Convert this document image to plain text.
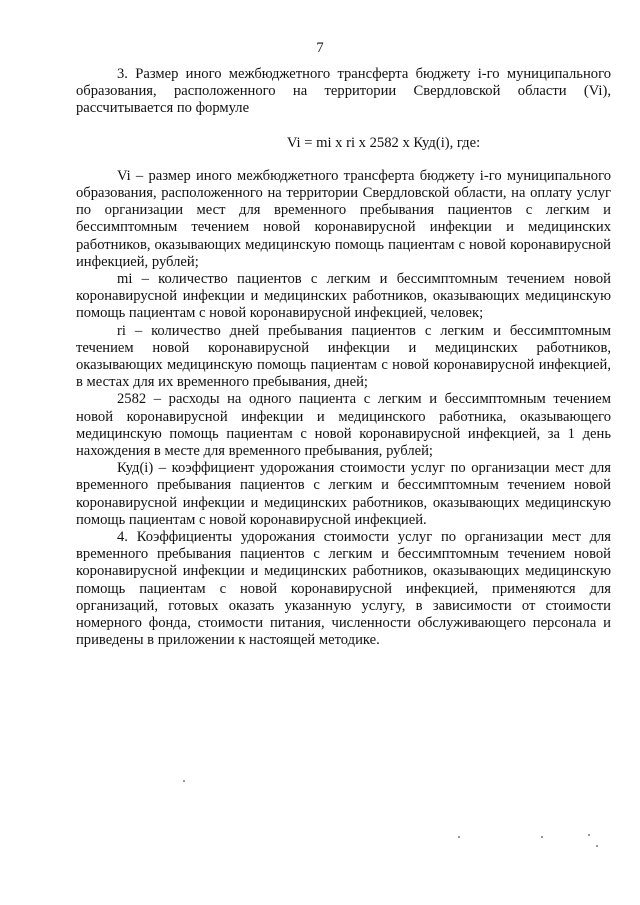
7

3. Размер иного межбюджетного трансферта бюджету i-го муниципального образования, расположенного на территории Свердловской области (Vi), рассчитывается по формуле

Vi = mi x ri x 2582 x Куд(i), где:

Vi – размер иного межбюджетного трансферта бюджету i-го муниципального образования, расположенного на территории Свердловской области, на оплату услуг по организации мест для временного пребывания пациентов с легким и бессимптомным течением новой коронавирусной инфекции и медицинских работников, оказывающих медицинскую помощь пациентам с новой коронавирусной инфекцией, рублей;

mi – количество пациентов с легким и бессимптомным течением новой коронавирусной инфекции и медицинских работников, оказывающих медицинскую помощь пациентам с новой коронавирусной инфекцией, человек;

ri – количество дней пребывания пациентов с легким и бессимптомным течением новой коронавирусной инфекции и медицинских работников, оказывающих медицинскую помощь пациентам с новой коронавирусной инфекцией, в местах для их временного пребывания, дней;

2582 – расходы на одного пациента с легким и бессимптомным течением новой коронавирусной инфекции и медицинского работника, оказывающего медицинскую помощь пациентам с новой коронавирусной инфекцией, за 1 день нахождения в месте для временного пребывания, рублей;

Куд(i) – коэффициент удорожания стоимости услуг по организации мест для временного пребывания пациентов с легким и бессимптомным течением новой коронавирусной инфекции и медицинских работников, оказывающих медицинскую помощь пациентам с новой коронавирусной инфекцией.

4. Коэффициенты удорожания стоимости услуг по организации мест для временного пребывания пациентов с легким и бессимптомным течением новой коронавирусной инфекции и медицинских работников, оказывающих медицинскую помощь пациентам с новой коронавирусной инфекцией, применяются для организаций, готовых оказать указанную услугу, в зависимости от стоимости номерного фонда, стоимости питания, численности обслуживающего персонала и приведены в приложении к настоящей методике.
